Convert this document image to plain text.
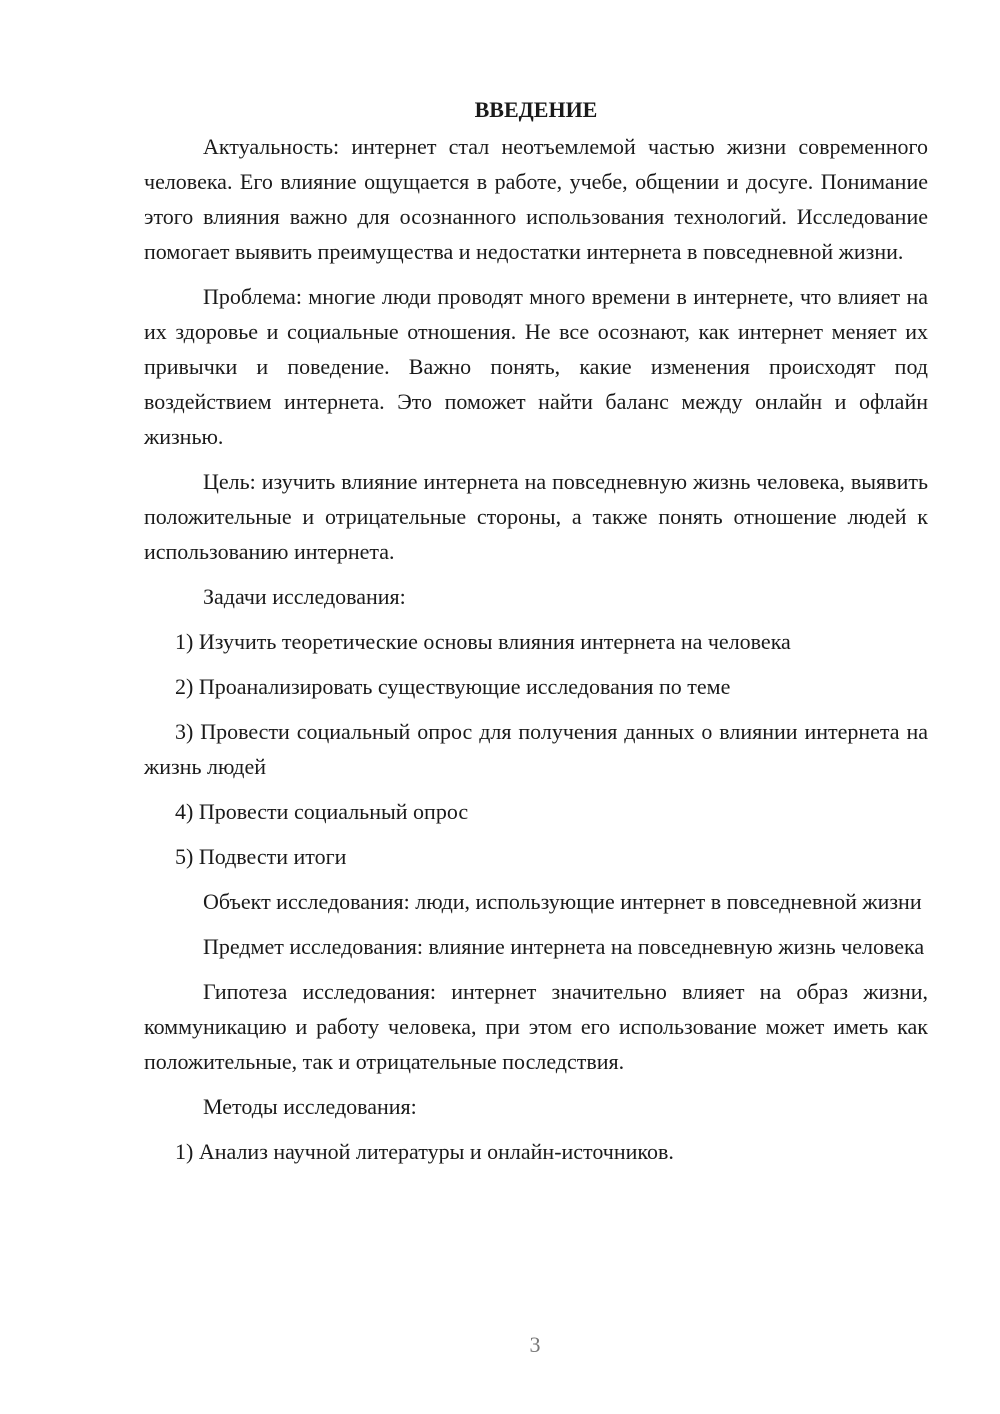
ВВЕДЕНИЕ

Актуальность: интернет стал неотъемлемой частью жизни современного человека. Его влияние ощущается в работе, учебе, общении и досуге. Понимание этого влияния важно для осознанного использования технологий. Исследование помогает выявить преимущества и недостатки интернета в повседневной жизни.

Проблема: многие люди проводят много времени в интернете, что влияет на их здоровье и социальные отношения. Не все осознают, как интернет меняет их привычки и поведение. Важно понять, какие изменения происходят под воздействием интернета. Это поможет найти баланс между онлайн и офлайн жизнью.

Цель: изучить влияние интернета на повседневную жизнь человека, выявить положительные и отрицательные стороны, а также понять отношение людей к использованию интернета.

Задачи исследования:

1) Изучить теоретические основы влияния интернета на человека

2) Проанализировать существующие исследования по теме

3) Провести социальный опрос для получения данных о влиянии интернета на жизнь людей

4) Провести социальный опрос

5) Подвести итоги

Объект исследования: люди, использующие интернет в повседневной жизни

Предмет исследования: влияние интернета на повседневную жизнь человека

Гипотеза исследования: интернет значительно влияет на образ жизни, коммуникацию и работу человека, при этом его использование может иметь как положительные, так и отрицательные последствия.

Методы исследования:

1) Анализ научной литературы и онлайн-источников.

3
